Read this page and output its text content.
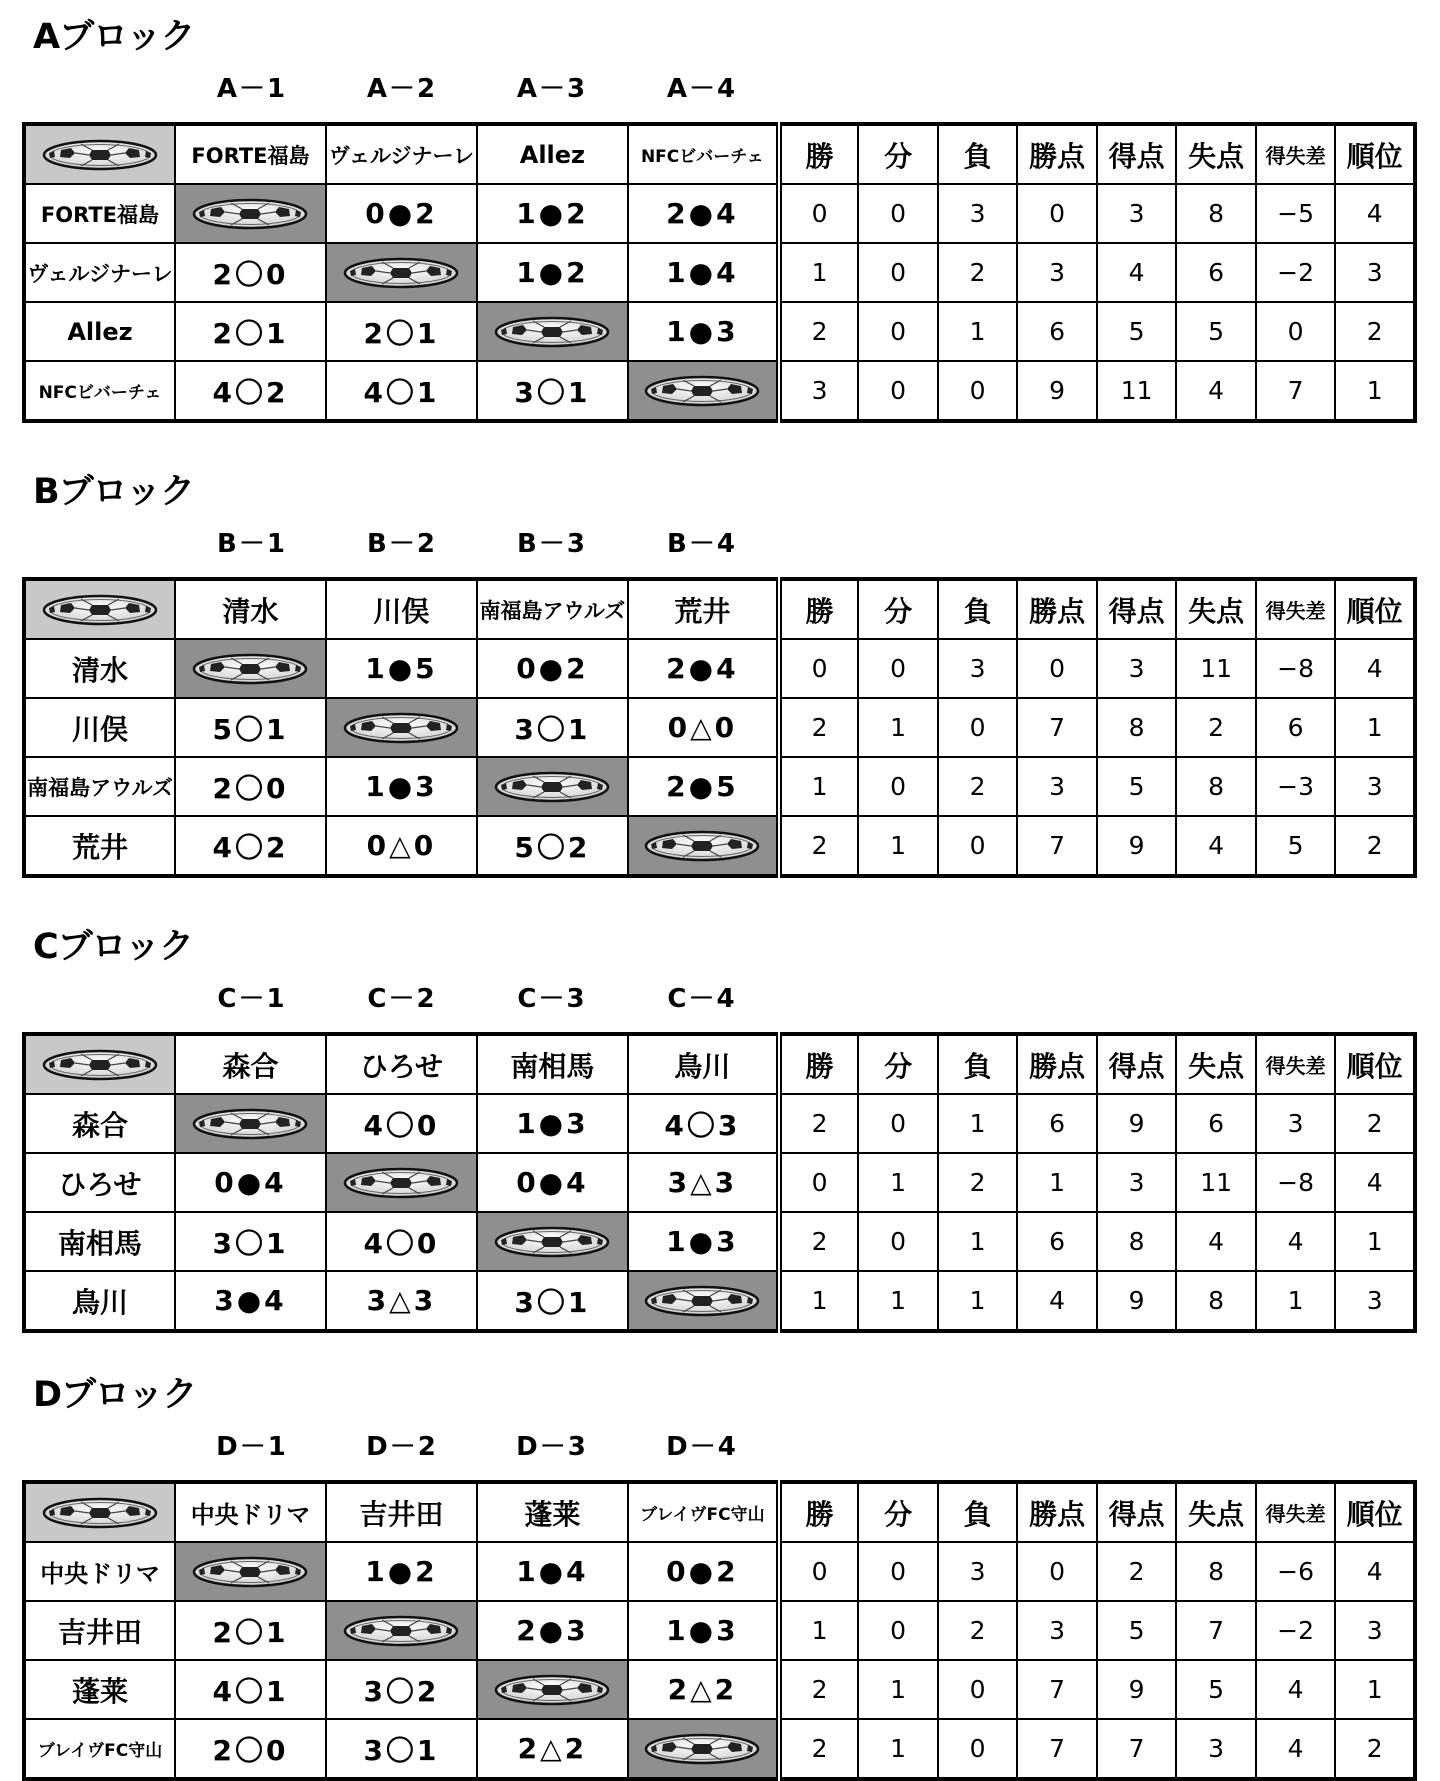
Aブロック
A－1	A－2	A－3	A－4
	FORTE福島	ヴェルジナーレ	Allez	NFCビバーチェ	勝	分	負	勝点	得点	失点	得失差	順位
FORTE福島		0●2	1●2	2●4	0	0	3	0	3	8	−5	4
ヴェルジナーレ	2〇0		1●2	1●4	1	0	2	3	4	6	−2	3
Allez	2〇1	2〇1		1●3	2	0	1	6	5	5	0	2
NFCビバーチェ	4〇2	4〇1	3〇1		3	0	0	9	11	4	7	1
Bブロック
B－1	B－2	B－3	B－4
	清水	川俣	南福島アウルズ	荒井	勝	分	負	勝点	得点	失点	得失差	順位
清水		1●5	0●2	2●4	0	0	3	0	3	11	−8	4
川俣	5〇1		3〇1	0△0	2	1	0	7	8	2	6	1
南福島アウルズ	2〇0	1●3		2●5	1	0	2	3	5	8	−3	3
荒井	4〇2	0△0	5〇2		2	1	0	7	9	4	5	2
Cブロック
C－1	C－2	C－3	C－4
	森合	ひろせ	南相馬	鳥川	勝	分	負	勝点	得点	失点	得失差	順位
森合		4〇0	1●3	4〇3	2	0	1	6	9	6	3	2
ひろせ	0●4		0●4	3△3	0	1	2	1	3	11	−8	4
南相馬	3〇1	4〇0		1●3	2	0	1	6	8	4	4	1
鳥川	3●4	3△3	3〇1		1	1	1	4	9	8	1	3
Dブロック
D－1	D－2	D－3	D－4
	中央ドリマ	吉井田	蓬莱	ブレイヴFC守山	勝	分	負	勝点	得点	失点	得失差	順位
中央ドリマ		1●2	1●4	0●2	0	0	3	0	2	8	−6	4
吉井田	2〇1		2●3	1●3	1	0	2	3	5	7	−2	3
蓬莱	4〇1	3〇2		2△2	2	1	0	7	9	5	4	1
ブレイヴFC守山	2〇0	3〇1	2△2		2	1	0	7	7	3	4	2
